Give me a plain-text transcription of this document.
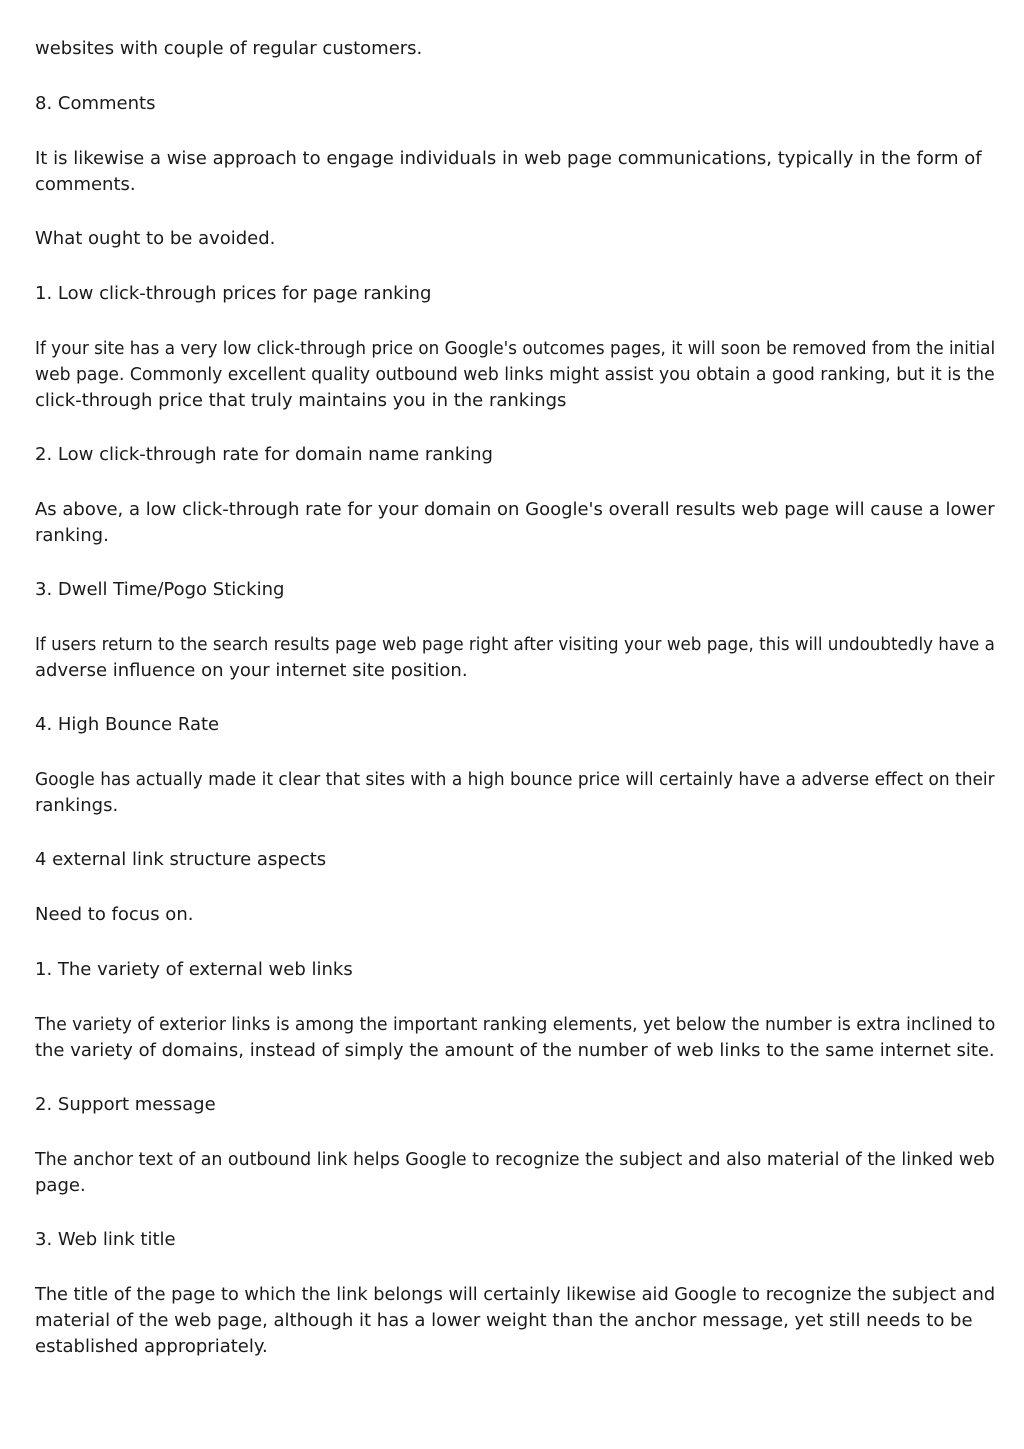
websites with couple of regular customers.

8. Comments

It is likewise a wise approach to engage individuals in web page communications, typically in the form of
comments.

What ought to be avoided.

1. Low click-through prices for page ranking

If your site has a very low click-through price on Google's outcomes pages, it will soon be removed from the initial
web page. Commonly excellent quality outbound web links might assist you obtain a good ranking, but it is the
click-through price that truly maintains you in the rankings

2. Low click-through rate for domain name ranking

As above, a low click-through rate for your domain on Google's overall results web page will cause a lower
ranking.

3. Dwell Time/Pogo Sticking

If users return to the search results page web page right after visiting your web page, this will undoubtedly have a
adverse influence on your internet site position.

4. High Bounce Rate

Google has actually made it clear that sites with a high bounce price will certainly have a adverse effect on their
rankings.

4 external link structure aspects

Need to focus on.

1. The variety of external web links

The variety of exterior links is among the important ranking elements, yet below the number is extra inclined to
the variety of domains, instead of simply the amount of the number of web links to the same internet site.

2. Support message

The anchor text of an outbound link helps Google to recognize the subject and also material of the linked web
page.

3. Web link title

The title of the page to which the link belongs will certainly likewise aid Google to recognize the subject and
material of the web page, although it has a lower weight than the anchor message, yet still needs to be
established appropriately.
